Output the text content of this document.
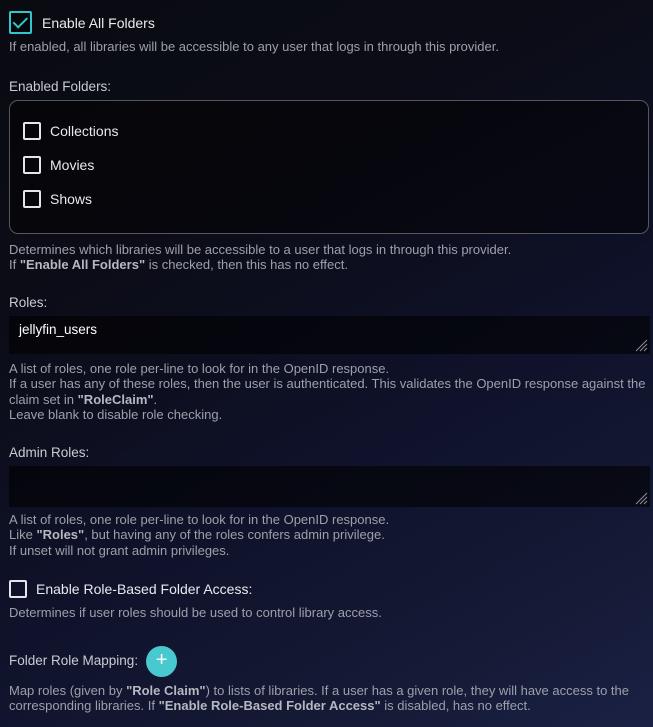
Enable All Folders
If enabled, all libraries will be accessible to any user that logs in through this provider.
Enabled Folders:
Collections
Movies
Shows
Determines which libraries will be accessible to a user that logs in through this provider.
If "Enable All Folders" is checked, then this has no effect.
Roles:
jellyfin_users
A list of roles, one role per-line to look for in the OpenID response.
If a user has any of these roles, then the user is authenticated. This validates the OpenID response against the
claim set in "RoleClaim".
Leave blank to disable role checking.
Admin Roles:
A list of roles, one role per-line to look for in the OpenID response.
Like "Roles", but having any of the roles confers admin privilege.
If unset will not grant admin privileges.
Enable Role-Based Folder Access:
Determines if user roles should be used to control library access.
Folder Role Mapping: +
Map roles (given by "Role Claim") to lists of libraries. If a user has a given role, they will have access to the
corresponding libraries. If "Enable Role-Based Folder Access" is disabled, has no effect.
